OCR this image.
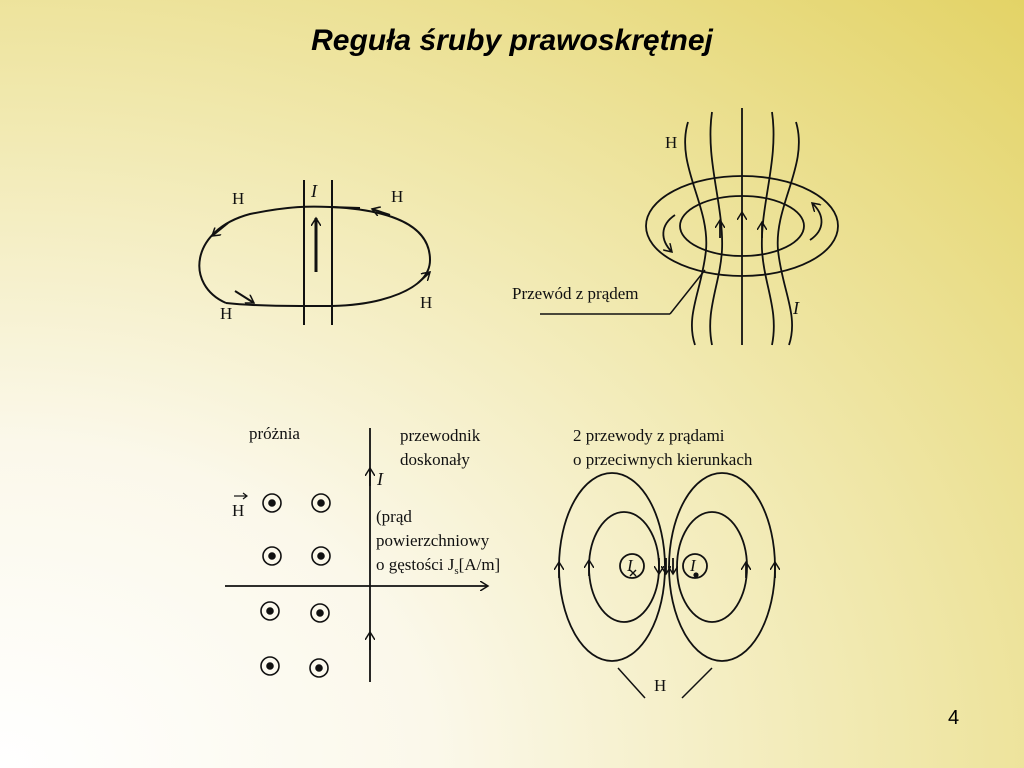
Reguła śruby prawoskrętnej
H	I	H
H
H
H
Przewód z prądem
I
próżnia	przewodnik
doskonały
I
H	(prąd
powierzchniowy
o gęstości $J_s[A/m]$
2 przewody z prądami
o przeciwnych kierunkach
I	I
H
4
